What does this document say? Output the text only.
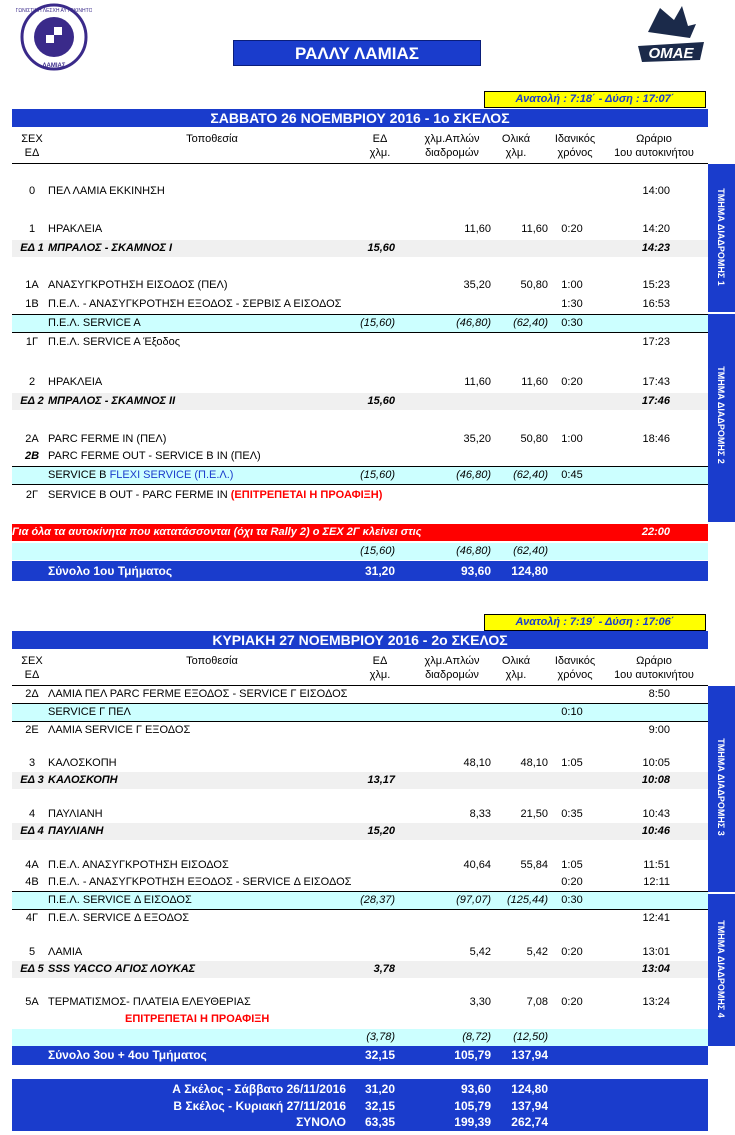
ΑΓΩΝΙΣΤΙΚΗ ΛΕΣΧΗ ΑΥΤΟΚΙΝΗΤΟΥ
ΛΑΜΙΑΣ
ΟΜΑΕ
ΡΑΛΛΥ ΛΑΜΙΑΣ
Ανατολή : 7:18΄ - Δύση : 17:07΄
ΣΑΒΒΑΤΟ 26 ΝΟΕΜΒΡΙΟΥ 2016 - 1ο ΣΚΕΛΟΣ
ΣΕΧ
ΕΔ
Τοποθεσία	ΕΔ
χλμ.
χλμ.Απλών
διαδρομών
Ολικά
χλμ.
Ιδανικός
χρόνος
Ωράριο
1ου αυτοκινήτου
ΤΜΗΜΑ ΔΙΑΔΡΟΜΗΣ 1
ΤΜΗΜΑ ΔΙΑΔΡΟΜΗΣ 2
0	ΠΕΛ ΛΑΜΙΑ ΕΚΚΙΝΗΣΗ	14:00
1	ΗΡΑΚΛΕΙΑ	11,60	11,60	0:20	14:20
ΕΔ 1 ΜΠΡΑΛΟΣ - ΣΚΑΜΝΟΣ Ι	15,60	14:23
1Α ΑΝΑΣΥΓΚΡΟΤΗΣΗ ΕΙΣΟΔΟΣ (ΠΕΛ)	35,20	50,80	1:00	15:23
1Β Π.Ε.Λ. - ΑΝΑΣΥΓΚΡΟΤΗΣΗ ΕΞΟΔΟΣ - ΣΕΡΒΙΣ Α ΕΙΣΟΔΟΣ	1:30	16:53
Π.Ε.Λ. SERVICE A	(15,60)	(46,80)	(62,40)	0:30
1Γ Π.Ε.Λ. SERVICE A Έξοδος	17:23
2	ΗΡΑΚΛΕΙΑ	11,60	11,60	0:20	17:43
ΕΔ 2 ΜΠΡΑΛΟΣ - ΣΚΑΜΝΟΣ ΙΙ	15,60	17:46
2Α PARC FERME IN (ΠΕΛ)	35,20	50,80	1:00	18:46
2Β PARC FERME OUT - SERVICE B IN (ΠΕΛ)
SERVICE B FLEXI SERVICE (Π.Ε.Λ.)	(15,60)	(46,80)	(62,40)	0:45
2Γ SERVICE B OUT - PARC FERME IN (ΕΠΙΤΡΕΠΕΤΑΙ Η ΠΡΟΑΦΙΞΗ)
Για όλα τα αυτοκίνητα που κατατάσσονται (όχι τα Rally 2) ο ΣΕΧ 2Γ κλείνει στις	22:00
(15,60)	(46,80)	(62,40)
Σύνολο 1ου Τμήματος	31,20	93,60	124,80
Ανατολή : 7:19΄ - Δύση : 17:06΄
ΚΥΡΙΑΚΗ 27 ΝΟΕΜΒΡΙΟΥ 2016 - 2ο ΣΚΕΛΟΣ
ΣΕΧ
ΕΔ
Τοποθεσία	ΕΔ
χλμ.
χλμ.Απλών
διαδρομών
Ολικά
χλμ.
Ιδανικός
χρόνος
Ωράριο
1ου αυτοκινήτου
ΤΜΗΜΑ ΔΙΑΔΡΟΜΗΣ 3
ΤΜΗΜΑ ΔΙΑΔΡΟΜΗΣ 4
2Δ ΛΑΜΙΑ ΠΕΛ PARC FERME ΕΞΟΔΟΣ - SERVICE Γ ΕΙΣΟΔΟΣ	8:50
SERVICE Γ ΠΕΛ	0:10
2Ε ΛΑΜΙΑ SERVICE Γ ΕΞΟΔΟΣ	9:00
3	ΚΑΛΟΣΚΟΠΗ	48,10	48,10	1:05	10:05
ΕΔ 3 ΚΑΛΟΣΚΟΠΗ	13,17	10:08
4	ΠΑΥΛΙΑΝΗ	8,33	21,50	0:35	10:43
ΕΔ 4 ΠΑΥΛΙΑΝΗ	15,20	10:46
4Α Π.Ε.Λ. ΑΝΑΣΥΓΚΡΟΤΗΣΗ ΕΙΣΟΔΟΣ	40,64	55,84	1:05	11:51
4Β Π.Ε.Λ. - ΑΝΑΣΥΓΚΡΟΤΗΣΗ ΕΞΟΔΟΣ - SERVICE Δ ΕΙΣΟΔΟΣ	0:20	12:11
Π.Ε.Λ. SERVICE Δ ΕΙΣΟΔΟΣ	(28,37)	(97,07)	(125,44)	0:30
4Γ Π.Ε.Λ. SERVICE Δ ΕΞΟΔΟΣ	12:41
5	ΛΑΜΙΑ	5,42	5,42	0:20	13:01
ΕΔ 5 SSS YACCO ΑΓΙΟΣ ΛΟΥΚΑΣ	3,78	13:04
5Α ΤΕΡΜΑΤΙΣΜΟΣ- ΠΛΑΤΕΙΑ ΕΛΕΥΘΕΡΙΑΣ	3,30	7,08	0:20	13:24
ΕΠΙΤΡΕΠΕΤΑΙ Η ΠΡΟΑΦΙΞΗ
(3,78)	(8,72)	(12,50)
Σύνολο 3ου + 4ου Τμήματος	32,15	105,79	137,94
Α Σκέλος - Σάββατο 26/11/2016	31,20	93,60	124,80
Β Σκέλος - Κυριακή 27/11/2016	32,15	105,79	137,94
ΣΥΝΟΛΟ	63,35	199,39	262,74
